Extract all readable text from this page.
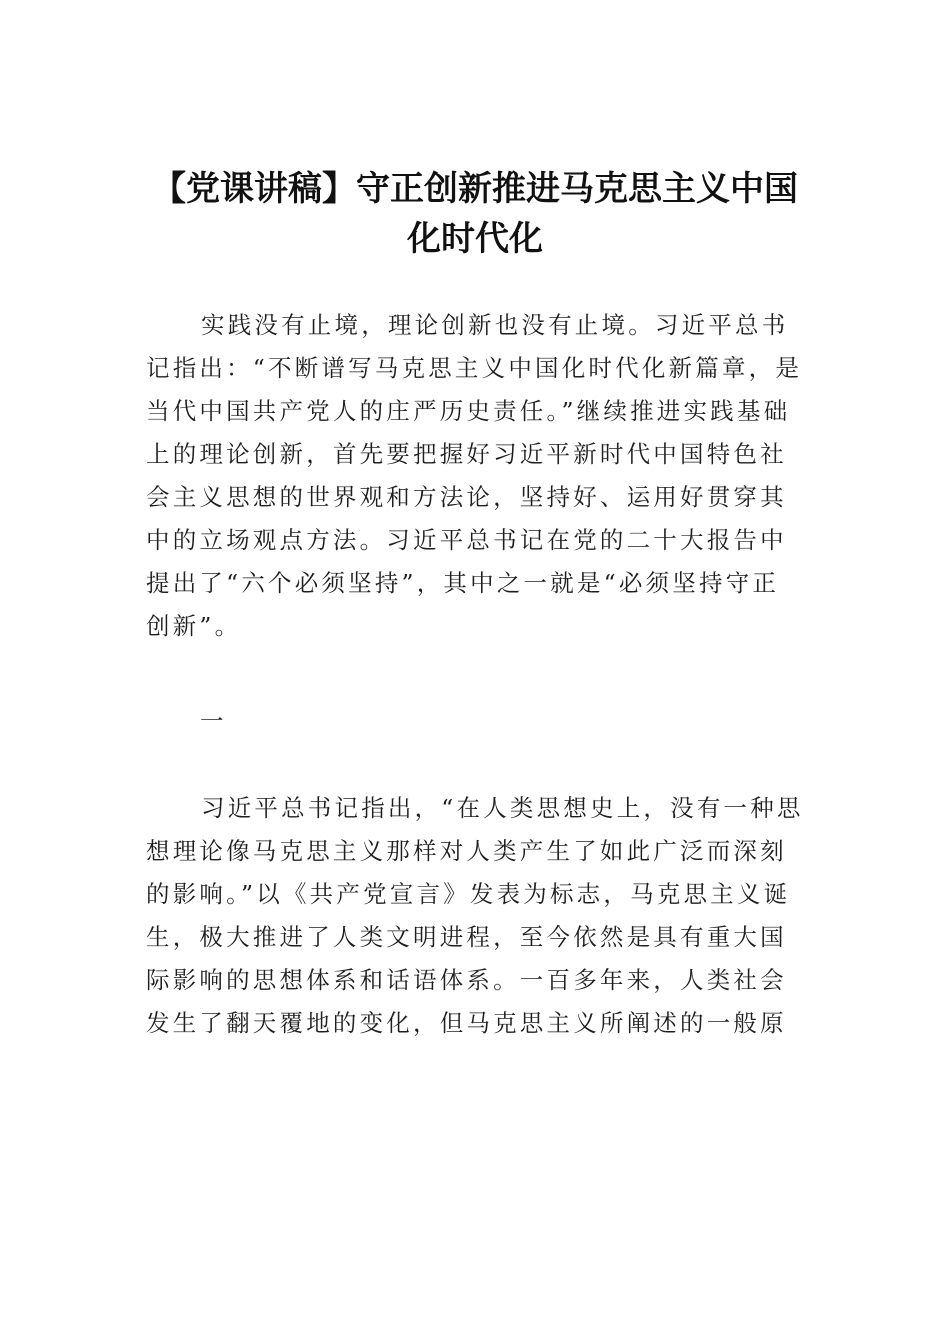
【党课讲稿】守正创新推进马克思主义中国
化时代化
实践没有止境，理论创新也没有止境。习近平总书
记指出：“不断谱写马克思主义中国化时代化新篇章，是
当代中国共产党人的庄严历史责任。”继续推进实践基础
上的理论创新，首先要把握好习近平新时代中国特色社
会主义思想的世界观和方法论，坚持好、运用好贯穿其
中的立场观点方法。习近平总书记在党的二十大报告中
提出了“六个必须坚持”，其中之一就是“必须坚持守正
创新”。
一
习近平总书记指出，“在人类思想史上，没有一种思
想理论像马克思主义那样对人类产生了如此广泛而深刻
的影响。”以《共产党宣言》发表为标志，马克思主义诞
生，极大推进了人类文明进程，至今依然是具有重大国
际影响的思想体系和话语体系。一百多年来，人类社会
发生了翻天覆地的变化，但马克思主义所阐述的一般原
